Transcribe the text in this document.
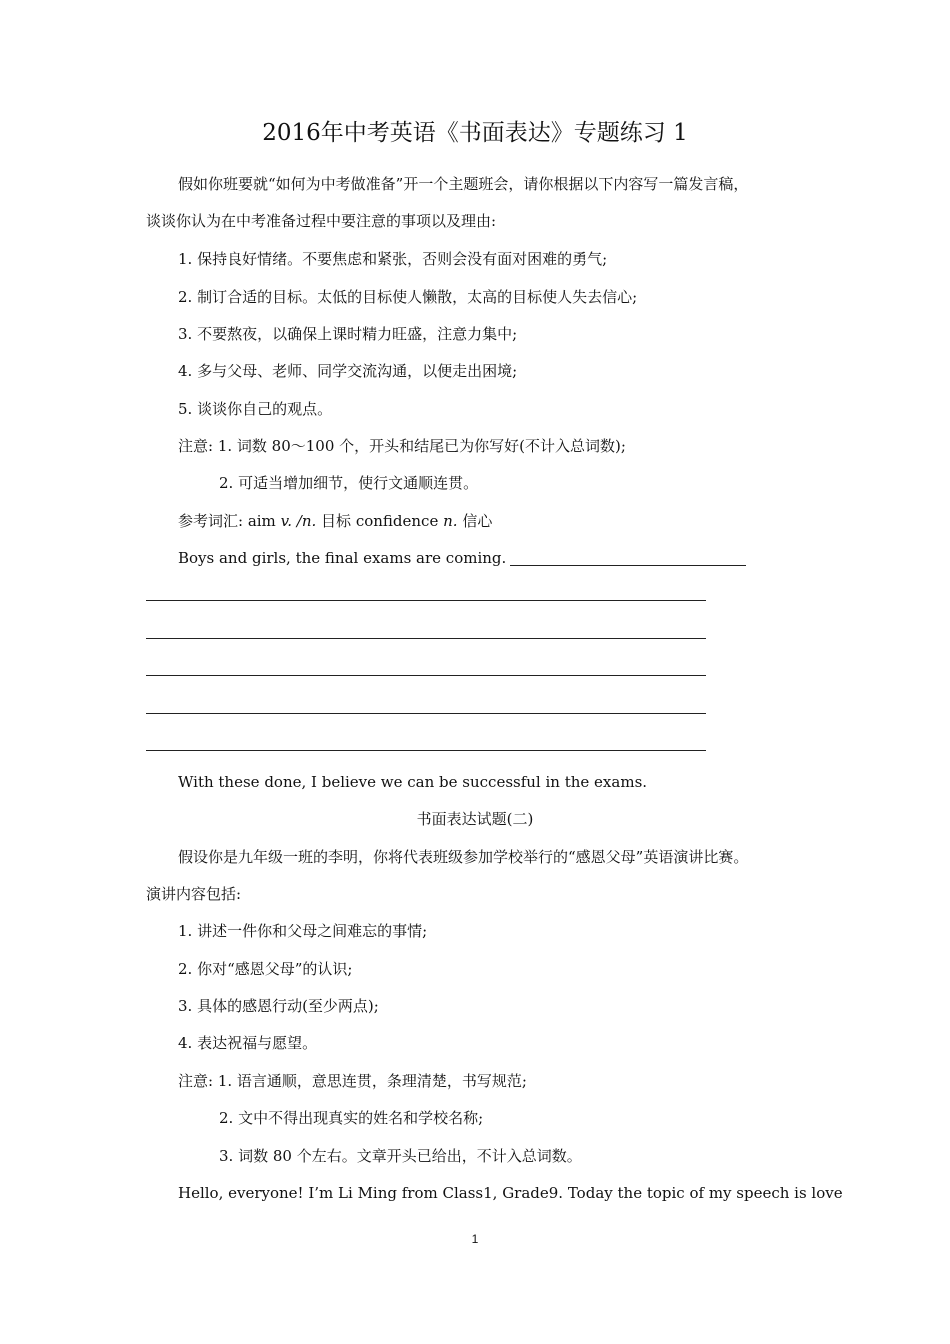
2016年中考英语《书面表达》专题练习 1
假如你班要就“如何为中考做准备”开一个主题班会，请你根据以下内容写一篇发言稿，
谈谈你认为在中考准备过程中要注意的事项以及理由:
1. 保持良好情绪。不要焦虑和紧张，否则会没有面对困难的勇气;
2. 制订合适的目标。太低的目标使人懒散，太高的目标使人失去信心;
3. 不要熬夜，以确保上课时精力旺盛，注意力集中;
4. 多与父母、老师、同学交流沟通，以便走出困境;
5. 谈谈你自己的观点。
注意: 1. 词数 80～100 个，开头和结尾已为你写好(不计入总词数);
2. 可适当增加细节，使行文通顺连贯。
参考词汇: aim v. /n. 目标 confidence n. 信心
Boys and girls, the final exams are coming.
With these done, I believe we can be successful in the exams.
书面表达试题(二)
假设你是九年级一班的李明，你将代表班级参加学校举行的“感恩父母”英语演讲比赛。
演讲内容包括:
1. 讲述一件你和父母之间难忘的事情;
2. 你对“感恩父母”的认识;
3. 具体的感恩行动(至少两点);
4. 表达祝福与愿望。
注意: 1. 语言通顺，意思连贯，条理清楚，书写规范;
2. 文中不得出现真实的姓名和学校名称;
3. 词数 80 个左右。文章开头已给出，不计入总词数。
Hello, everyone! I’m Li Ming from Class1, Grade9. Today the topic of my speech is love
1
